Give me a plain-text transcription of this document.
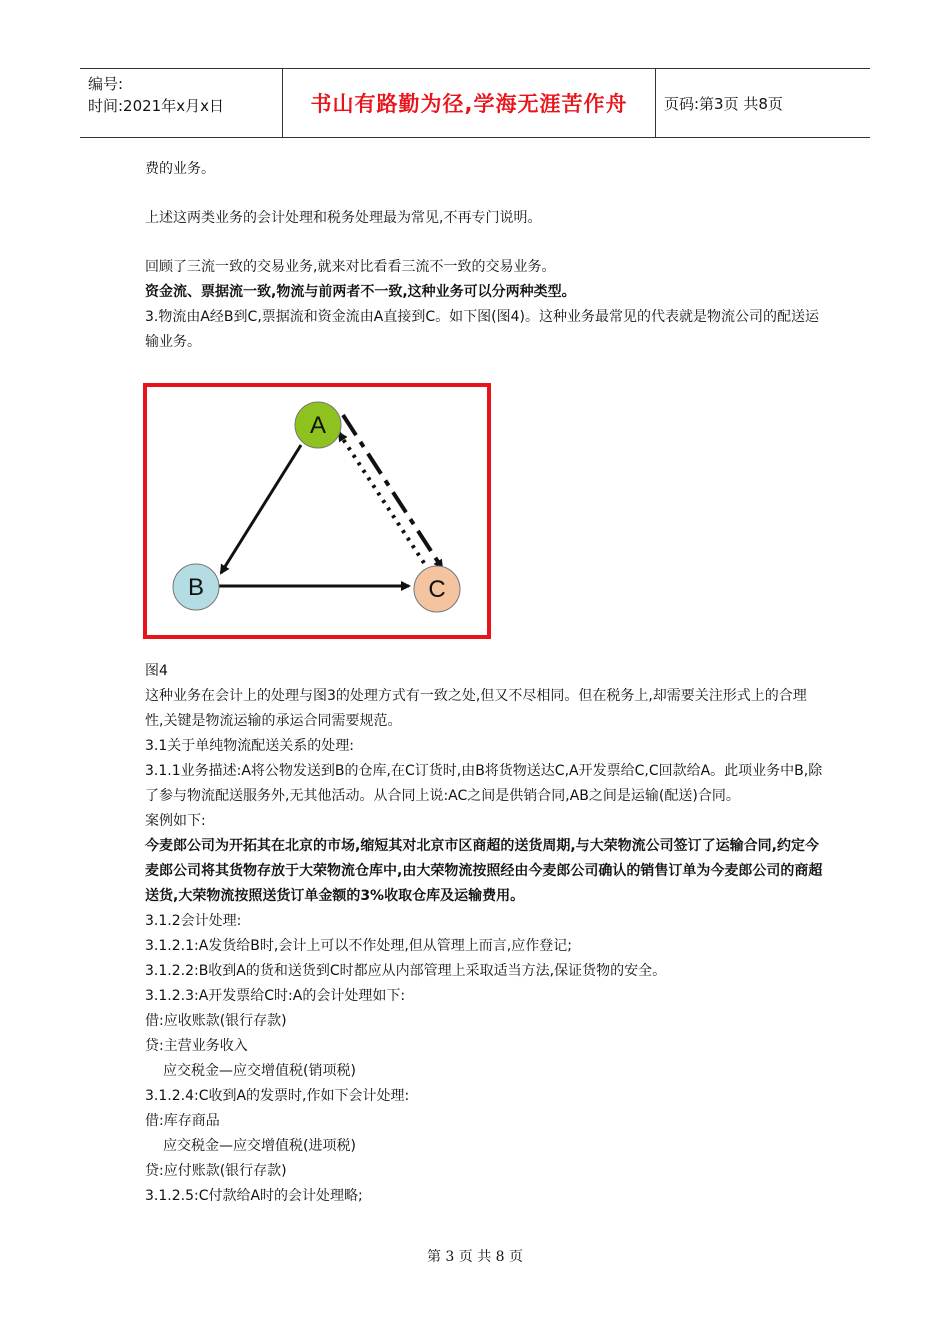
编号:
时间:2021年x月x日	书山有路勤为径,学海无涯苦作舟	页码:第3页 共8页

费的业务。

上述这两类业务的会计处理和税务处理最为常见,不再专门说明。

回顾了三流一致的交易业务,就来对比看看三流不一致的交易业务。

资金流、票据流一致,物流与前两者不一致,这种业务可以分两种类型。

3.物流由A经B到C,票据流和资金流由A直接到C。如下图(图4)。这种业务最常见的代表就是物流公司的配送运输业务。

A
B	C

图4

这种业务在会计上的处理与图3的处理方式有一致之处,但又不尽相同。但在税务上,却需要关注形式上的合理性,关键是物流运输的承运合同需要规范。

3.1关于单纯物流配送关系的处理:

3.1.1业务描述:A将公物发送到B的仓库,在C订货时,由B将货物送达C,A开发票给C,C回款给A。此项业务中B,除了参与物流配送服务外,无其他活动。从合同上说:AC之间是供销合同,AB之间是运输(配送)合同。

案例如下:

今麦郎公司为开拓其在北京的市场,缩短其对北京市区商超的送货周期,与大荣物流公司签订了运输合同,约定今麦郎公司将其货物存放于大荣物流仓库中,由大荣物流按照经由今麦郎公司确认的销售订单为今麦郎公司的商超送货,大荣物流按照送货订单金额的3%收取仓库及运输费用。

3.1.2会计处理:

3.1.2.1:A发货给B时,会计上可以不作处理,但从管理上而言,应作登记;

3.1.2.2:B收到A的货和送货到C时都应从内部管理上采取适当方法,保证货物的安全。

3.1.2.3:A开发票给C时:A的会计处理如下:

借:应收账款(银行存款)

贷:主营业务收入

应交税金—应交增值税(销项税)

3.1.2.4:C收到A的发票时,作如下会计处理:

借:库存商品

应交税金—应交增值税(进项税)

贷:应付账款(银行存款)

3.1.2.5:C付款给A时的会计处理略;

第 3 页 共 8 页
